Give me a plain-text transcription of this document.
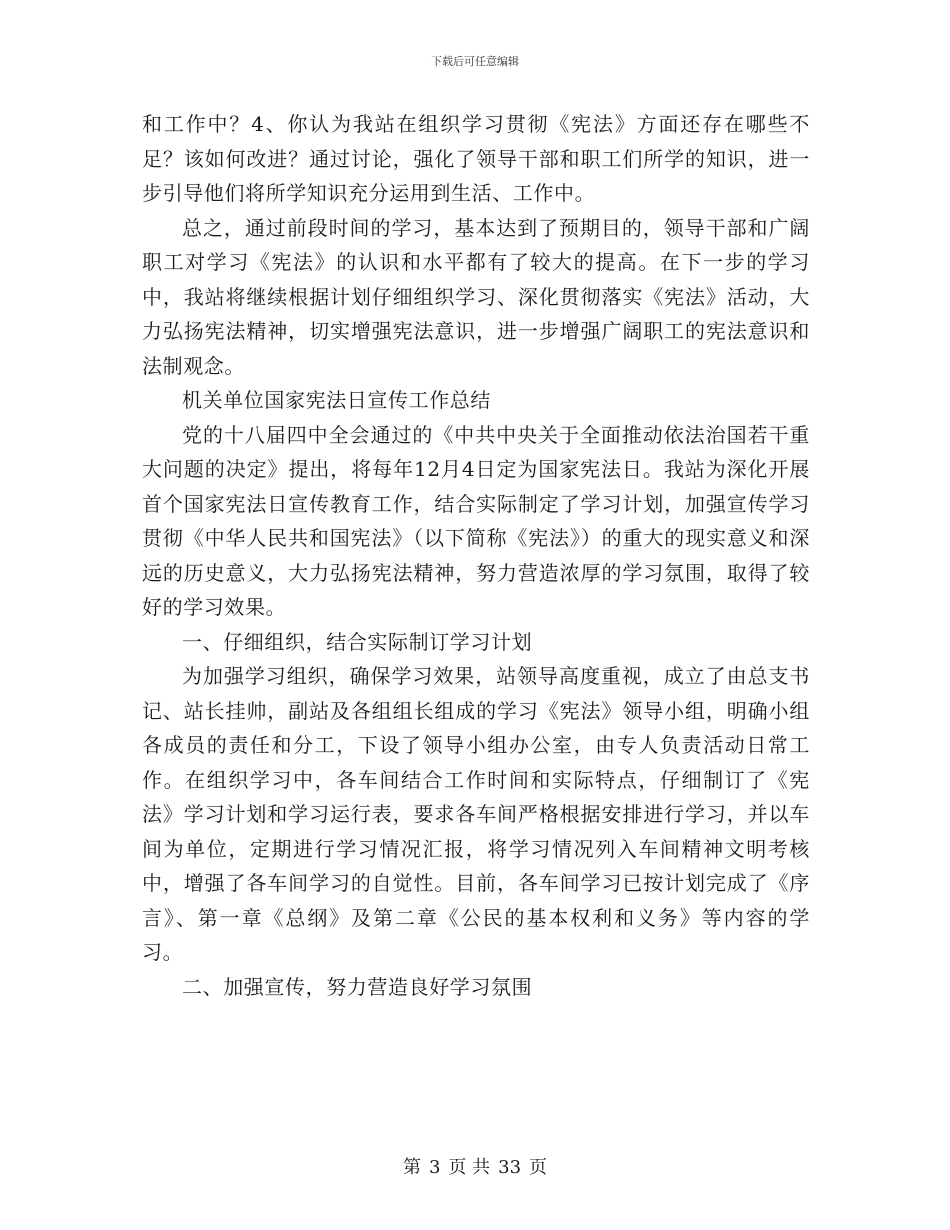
下载后可任意编辑

和工作中？4、你认为我站在组织学习贯彻《宪法》方面还存在哪些不足？该如何改进？通过讨论，强化了领导干部和职工们所学的知识，进一步引导他们将所学知识充分运用到生活、工作中。

总之，通过前段时间的学习，基本达到了预期目的，领导干部和广阔职工对学习《宪法》的认识和水平都有了较大的提高。在下一步的学习中，我站将继续根据计划仔细组织学习、深化贯彻落实《宪法》活动，大力弘扬宪法精神，切实增强宪法意识，进一步增强广阔职工的宪法意识和法制观念。

机关单位国家宪法日宣传工作总结

党的十八届四中全会通过的《中共中央关于全面推动依法治国若干重大问题的决定》提出，将每年12月4日定为国家宪法日。我站为深化开展首个国家宪法日宣传教育工作，结合实际制定了学习计划，加强宣传学习贯彻《中华人民共和国宪法》（以下简称《宪法》）的重大的现实意义和深远的历史意义，大力弘扬宪法精神，努力营造浓厚的学习氛围，取得了较好的学习效果。

一、仔细组织，结合实际制订学习计划

为加强学习组织，确保学习效果，站领导高度重视，成立了由总支书记、站长挂帅，副站及各组组长组成的学习《宪法》领导小组，明确小组各成员的责任和分工，下设了领导小组办公室，由专人负责活动日常工作。在组织学习中，各车间结合工作时间和实际特点，仔细制订了《宪法》学习计划和学习运行表，要求各车间严格根据安排进行学习，并以车间为单位，定期进行学习情况汇报，将学习情况列入车间精神文明考核中，增强了各车间学习的自觉性。目前，各车间学习已按计划完成了《序言》、第一章《总纲》及第二章《公民的基本权利和义务》等内容的学习。

二、加强宣传，努力营造良好学习氛围

第 3 页 共 33 页
